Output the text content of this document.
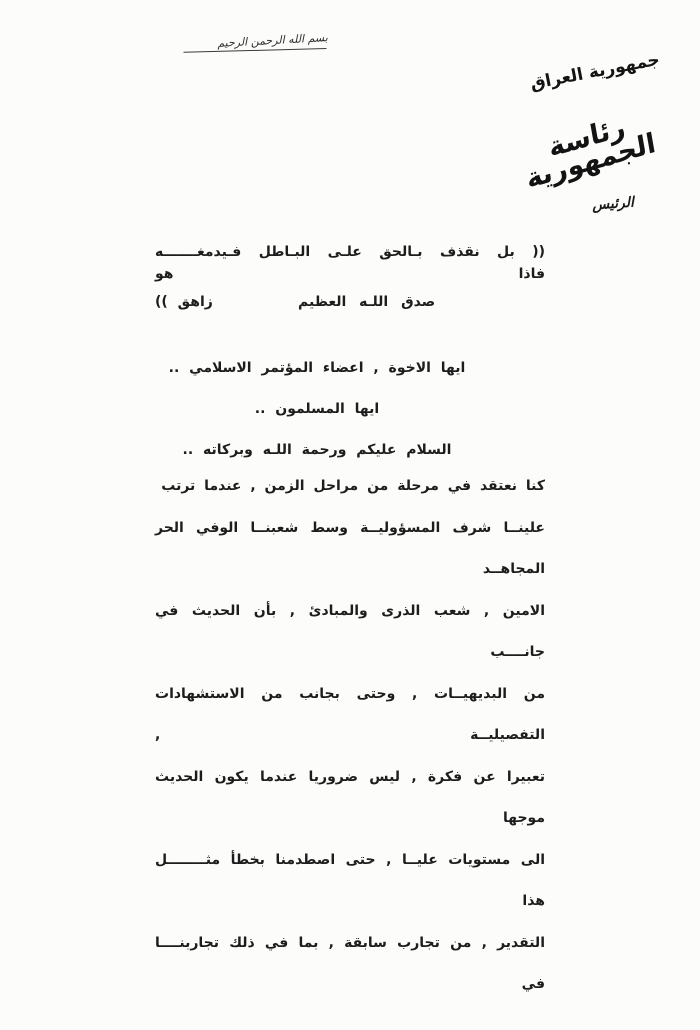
بسم الله الرحمن الرحيم
جمهورية العراق
رئاسة الجمهورية
الرئيس
(( بل نقذف بـالحق علـى البـاطل فـيدمغـــــــه فاذا هو
زاهق ))	صدق اللـه العظيم
ايها الاخوة , اعضاء المؤتمر الاسلامي ..
ايها المسلمون ..
السلام عليكم ورحمة اللـه وبركاته ..
كنا نعتقد في مرحلة من مراحل الزمن , عندما ترتب
علينــا شرف المسؤوليــة وسط شعبنــا الوفي الحر المجاهــد
الامين , شعب الذرى والمبادئ , بأن الحديث في جانــــب
من البديهيــات , وحتى بجانب من الاستشهادات التفصيليــة ,
تعبيرا عن فكرة , ليس ضروريا عندما يكون الحديث موجها
الى مستويات عليــا , حتى اصطدمنا بخطأ مثــــــــل هذا
التقدير , من تجارب سابقة , بما في ذلك تجاربنــــا في
